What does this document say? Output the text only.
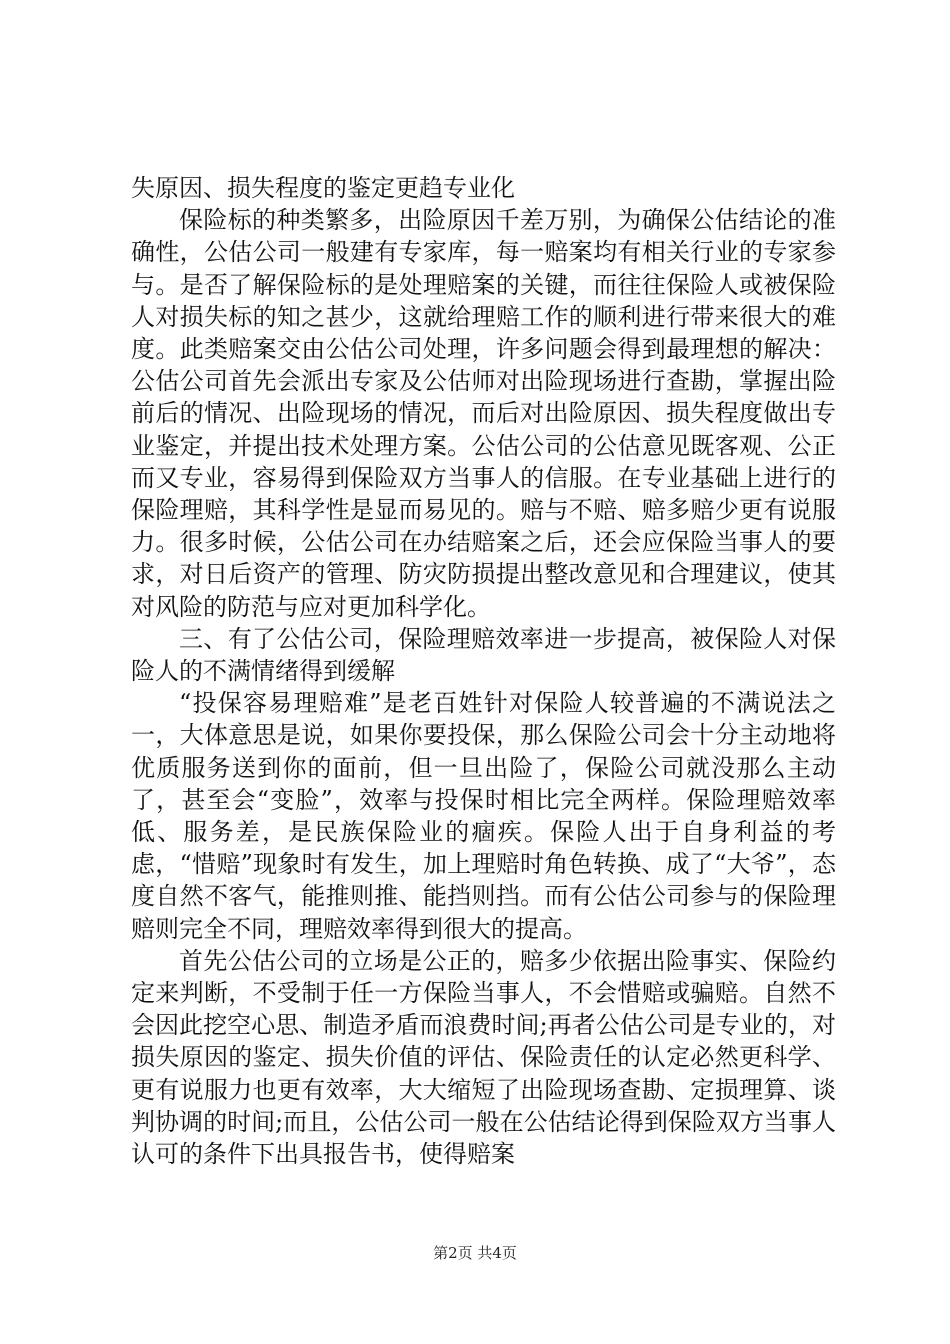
失原因、损失程度的鉴定更趋专业化

保险标的种类繁多，出险原因千差万别，为确保公估结论的准确性，公估公司一般建有专家库，每一赔案均有相关行业的专家参与。是否了解保险标的是处理赔案的关键，而往往保险人或被保险人对损失标的知之甚少，这就给理赔工作的顺利进行带来很大的难度。此类赔案交由公估公司处理，许多问题会得到最理想的解决：公估公司首先会派出专家及公估师对出险现场进行查勘，掌握出险前后的情况、出险现场的情况，而后对出险原因、损失程度做出专业鉴定，并提出技术处理方案。公估公司的公估意见既客观、公正而又专业，容易得到保险双方当事人的信服。在专业基础上进行的保险理赔，其科学性是显而易见的。赔与不赔、赔多赔少更有说服力。很多时候，公估公司在办结赔案之后，还会应保险当事人的要求，对日后资产的管理、防灾防损提出整改意见和合理建议，使其对风险的防范与应对更加科学化。

三、有了公估公司，保险理赔效率进一步提高，被保险人对保险人的不满情绪得到缓解

“投保容易理赔难”是老百姓针对保险人较普遍的不满说法之一，大体意思是说，如果你要投保，那么保险公司会十分主动地将优质服务送到你的面前，但一旦出险了，保险公司就没那么主动了，甚至会“变脸”，效率与投保时相比完全两样。保险理赔效率低、服务差，是民族保险业的痼疾。保险人出于自身利益的考虑，“惜赔”现象时有发生，加上理赔时角色转换、成了“大爷”，态度自然不客气，能推则推、能挡则挡。而有公估公司参与的保险理赔则完全不同，理赔效率得到很大的提高。

首先公估公司的立场是公正的，赔多少依据出险事实、保险约定来判断，不受制于任一方保险当事人，不会惜赔或骗赔。自然不会因此挖空心思、制造矛盾而浪费时间;再者公估公司是专业的，对损失原因的鉴定、损失价值的评估、保险责任的认定必然更科学、更有说服力也更有效率，大大缩短了出险现场查勘、定损理算、谈判协调的时间;而且，公估公司一般在公估结论得到保险双方当事人认可的条件下出具报告书，使得赔案

第2页 共4页
